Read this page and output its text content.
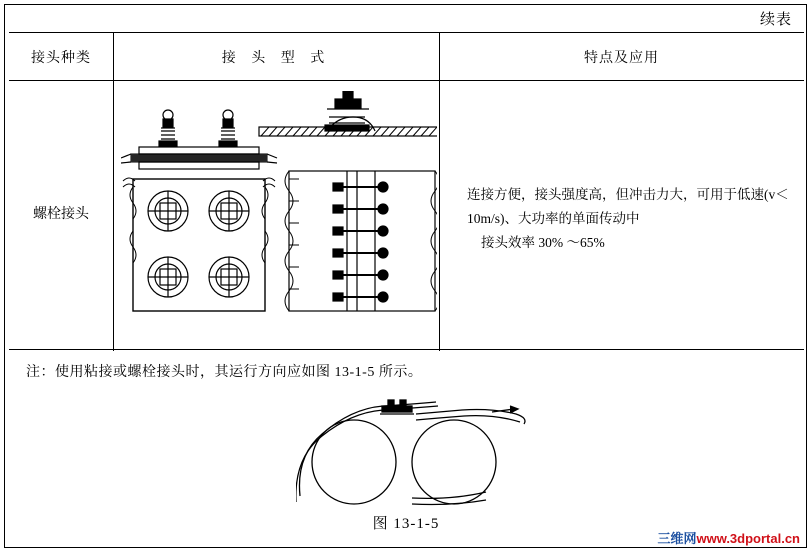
续表
接头种类	接 头 型 式	特点及应用
螺栓接头
连接方便，接头强度高，但冲击力大，可用于低速(v＜
10m/s)、大功率的单面传动中
接头效率 30% ～65%
注：使用粘接或螺栓接头时，其运行方向应如图 13-1-5 所示。
图 13-1-5
三维网www.3dportal.cn
